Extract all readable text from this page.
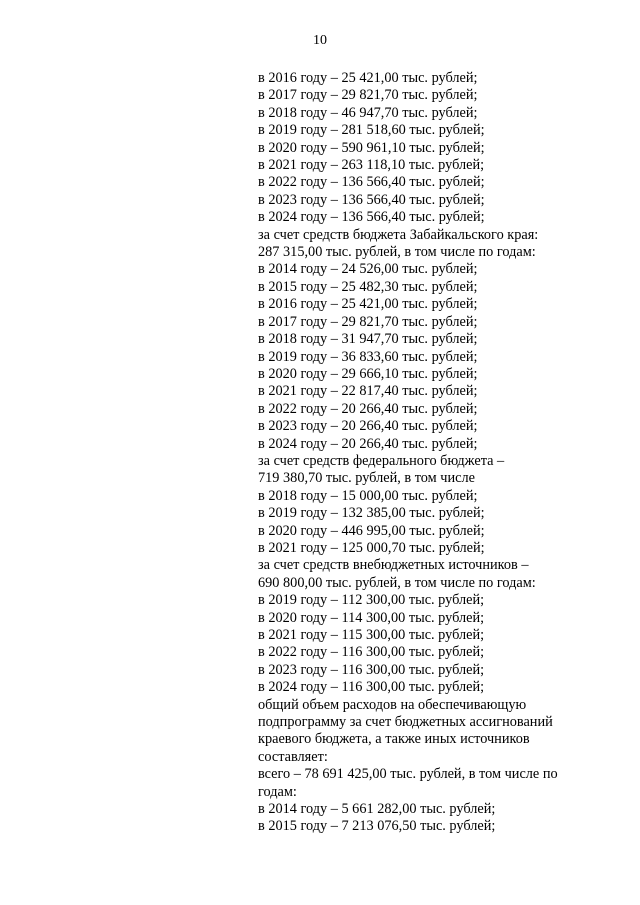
10
в 2016 году – 25 421,00 тыс. рублей;
в 2017 году – 29 821,70 тыс. рублей;
в 2018 году – 46 947,70 тыс. рублей;
в 2019 году – 281 518,60 тыс. рублей;
в 2020 году – 590 961,10 тыс. рублей;
в 2021 году – 263 118,10 тыс. рублей;
в 2022 году – 136 566,40 тыс. рублей;
в 2023 году – 136 566,40 тыс. рублей;
в 2024 году – 136 566,40 тыс. рублей;
за счет средств бюджета Забайкальского края:
287 315,00 тыс. рублей, в том числе по годам:
в 2014 году – 24 526,00 тыс. рублей;
в 2015 году – 25 482,30 тыс. рублей;
в 2016 году – 25 421,00 тыс. рублей;
в 2017 году – 29 821,70 тыс. рублей;
в 2018 году – 31 947,70 тыс. рублей;
в 2019 году – 36 833,60 тыс. рублей;
в 2020 году – 29 666,10 тыс. рублей;
в 2021 году – 22 817,40 тыс. рублей;
в 2022 году – 20 266,40 тыс. рублей;
в 2023 году – 20 266,40 тыс. рублей;
в 2024 году – 20 266,40 тыс. рублей;
за счет средств федерального бюджета –
719 380,70 тыс. рублей, в том числе
в 2018 году – 15 000,00 тыс. рублей;
в 2019 году – 132 385,00 тыс. рублей;
в 2020 году – 446 995,00 тыс. рублей;
в 2021 году – 125 000,70 тыс. рублей;
за счет средств внебюджетных источников –
690 800,00 тыс. рублей, в том числе по годам:
в 2019 году – 112 300,00 тыс. рублей;
в 2020 году – 114 300,00 тыс. рублей;
в 2021 году – 115 300,00 тыс. рублей;
в 2022 году – 116 300,00 тыс. рублей;
в 2023 году – 116 300,00 тыс. рублей;
в 2024 году – 116 300,00 тыс. рублей;
общий объем расходов на обеспечивающую
подпрограмму за счет бюджетных ассигнований
краевого бюджета, а также иных источников
составляет:
всего – 78 691 425,00 тыс. рублей, в том числе по
годам:
в 2014 году – 5 661 282,00 тыс. рублей;
в 2015 году – 7 213 076,50 тыс. рублей;
